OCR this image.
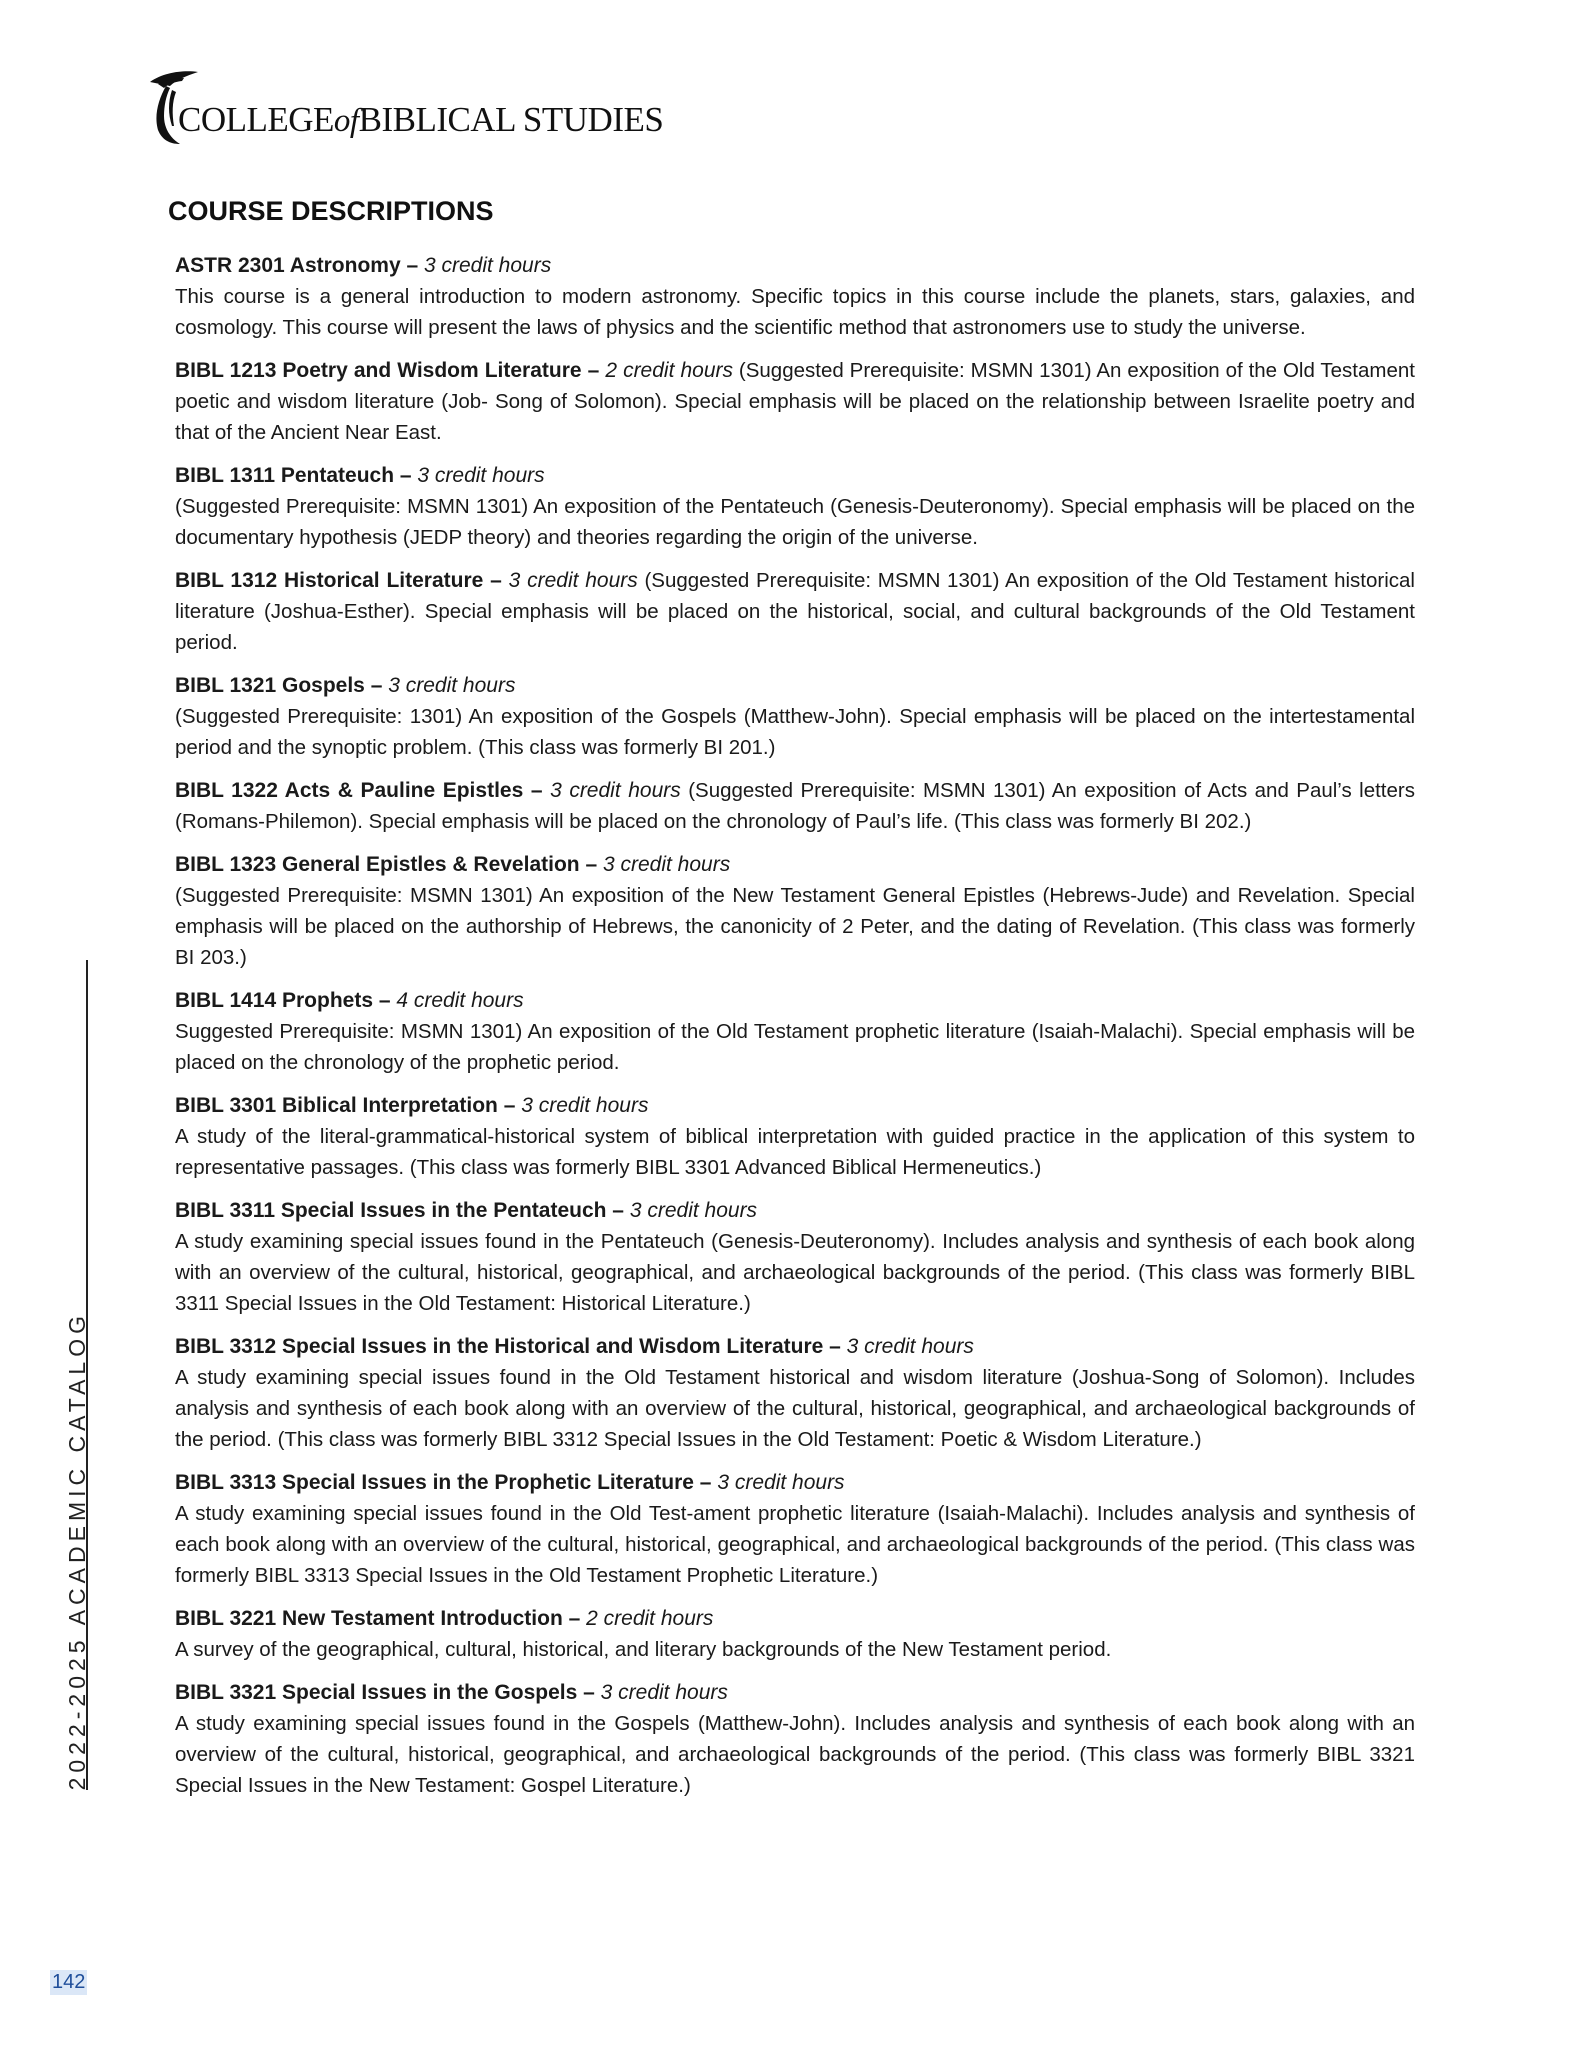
COLLEGEofBIBLICAL STUDIES
COURSE DESCRIPTIONS
ASTR 2301 Astronomy – 3 credit hours

This course is a general introduction to modern astronomy. Specific topics in this course include the planets, stars, galaxies, and cosmology. This course will present the laws of physics and the scientific method that astronomers use to study the universe.

BIBL 1213 Poetry and Wisdom Literature – 2 credit hours (Suggested Prerequisite: MSMN 1301) An exposition of the Old Testament poetic and wisdom literature (Job- Song of Solomon). Special emphasis will be placed on the relationship between Israelite poetry and that of the Ancient Near East.

BIBL 1311 Pentateuch – 3 credit hours

(Suggested Prerequisite: MSMN 1301) An exposition of the Pentateuch (Genesis-Deuteronomy). Special emphasis will be placed on the documentary hypothesis (JEDP theory) and theories regarding the origin of the universe.

BIBL 1312 Historical Literature – 3 credit hours (Suggested Prerequisite: MSMN 1301) An exposition of the Old Testament historical literature (Joshua-Esther). Special emphasis will be placed on the historical, social, and cultural backgrounds of the Old Testament period.

BIBL 1321 Gospels – 3 credit hours

(Suggested Prerequisite: 1301) An exposition of the Gospels (Matthew-John). Special emphasis will be placed on the intertestamental period and the synoptic problem. (This class was formerly BI 201.)

BIBL 1322 Acts & Pauline Epistles – 3 credit hours (Suggested Prerequisite: MSMN 1301) An exposition of Acts and Paul’s letters (Romans-Philemon). Special emphasis will be placed on the chronology of Paul’s life. (This class was formerly BI 202.)

BIBL 1323 General Epistles & Revelation – 3 credit hours

(Suggested Prerequisite: MSMN 1301) An exposition of the New Testament General Epistles (Hebrews-Jude) and Revelation. Special emphasis will be placed on the authorship of Hebrews, the canonicity of 2 Peter, and the dating of Revelation. (This class was formerly BI 203.)

BIBL 1414 Prophets – 4 credit hours

Suggested Prerequisite: MSMN 1301) An exposition of the Old Testament prophetic literature (Isaiah-Malachi). Special emphasis will be placed on the chronology of the prophetic period.

BIBL 3301 Biblical Interpretation – 3 credit hours

A study of the literal-grammatical-historical system of biblical interpretation with guided practice in the application of this system to representative passages. (This class was formerly BIBL 3301 Advanced Biblical Hermeneutics.)

BIBL 3311 Special Issues in the Pentateuch – 3 credit hours

A study examining special issues found in the Pentateuch (Genesis-Deuteronomy). Includes analysis and synthesis of each book along with an overview of the cultural, historical, geographical, and archaeological backgrounds of the period. (This class was formerly BIBL 3311 Special Issues in the Old Testament: Historical Literature.)

BIBL 3312 Special Issues in the Historical and Wisdom Literature – 3 credit hours

A study examining special issues found in the Old Testament historical and wisdom literature (Joshua-Song of Solomon). Includes analysis and synthesis of each book along with an overview of the cultural, historical, geographical, and archaeological backgrounds of the period. (This class was formerly BIBL 3312 Special Issues in the Old Testament: Poetic & Wisdom Literature.)

BIBL 3313 Special Issues in the Prophetic Literature – 3 credit hours

A study examining special issues found in the Old Test-ament prophetic literature (Isaiah-Malachi). Includes analysis and synthesis of each book along with an overview of the cultural, historical, geographical, and archaeological backgrounds of the period. (This class was formerly BIBL 3313 Special Issues in the Old Testament Prophetic Literature.)

BIBL 3221 New Testament Introduction – 2 credit hours

A survey of the geographical, cultural, historical, and literary backgrounds of the New Testament period.

BIBL 3321 Special Issues in the Gospels – 3 credit hours

A study examining special issues found in the Gospels (Matthew-John). Includes analysis and synthesis of each book along with an overview of the cultural, historical, geographical, and archaeological backgrounds of the period. (This class was formerly BIBL 3321 Special Issues in the New Testament: Gospel Literature.)

2022-2025 ACADEMIC CATALOG
142
